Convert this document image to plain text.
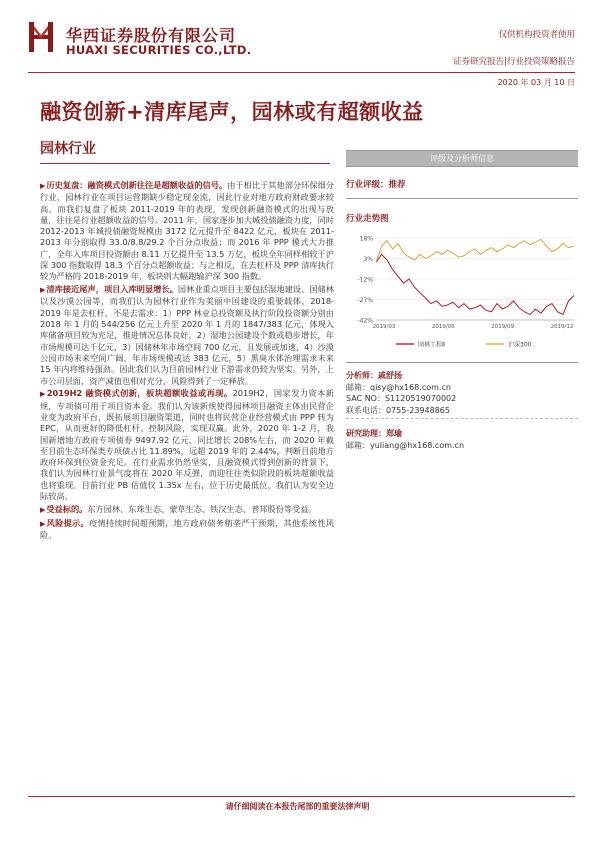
华西证券股份有限公司
HUAXI SECURITIES CO.,LTD.
仅供机构投资者使用
证券研究报告|行业投资策略报告
2020 年 03 月 10 日
融资创新+清库尾声，园林或有超额收益
园林行业

▶历史复盘：融资模式创新往往是超额收益的信号。由于相比于其他部分环保细分行业，园林行业在项目运营期缺少稳定现金流，因此行业对地方政府财政要求较高，而我们复盘了板块 2011-2019 年的表现，发现创新融资模式的出现与放量，往往是行业超额收益的信号。2011 年，国家逐步加大城投债融资力度，同时 2012-2013 年城投债融资规模由 3172 亿元提升至 8422 亿元，板块在 2011-2013 年分别取得 33.0/8.8/29.2 个百分点收益；而 2016 年 PPP 模式大力推广，全年入库项目投资额由 8.11 万亿提升至 13.5 万亿，板块全年同样相较于沪深 300 指数取得 18.3 个百分点超额收益；与之相反，在去杠杆及 PPP 清库执行较为严格的 2018-2019 年，板块则大幅跑输沪深 300 指数。

▶清库接近尾声，项目入库明显增长。园林业重点项目主要包括湿地建设、国储林以及沙漠公园等，而我们认为园林行业作为美丽中国建设的重要载体，2018-2019 年是去杠杆，不是去需求：1）PPP 林业总投资额及执行阶段投资额分别由 2018 年 1 月的 544/256 亿元上升至 2020 年 1 月的 1847/383 亿元，体现入库储备项目较为充足，推进情况总体良好，2）湿地公园建设个数或稳步增长，年市场规模可达千亿元，3）国储林年市场空间 700 亿元，且发展或加速，4）沙漠公园市场未来空间广阔，年市场规模或达 383 亿元，5）黑臭水体治理需求未来 15 年内将维持强劲。因此我们认为目前园林行业下游需求仍较为坚实。另外，上市公司层面，资产减值也相对充分，风险得到了一定释放。

▶2019H2 融资模式创新，板块超额收益或再现。2019H2，国家发力资本新规，专项债可用于项目资本金。我们认为该新规使得园林项目融资主体由民营企业变为政府平台，既拓展项目融资渠道，同时也将民营企业经营模式由 PPP 转为 EPC，从而更好的降低杠杆、控制风险，实现双赢。此外，2020 年 1-2 月，我国新增地方政府专项债券 9497.92 亿元，同比增长 208%左右，而 2020 年截至目前生态环保类专项债占比 11.89%，远超 2019 年的 2.44%，判断目前地方政府环保到位资金充足。在行业需求仍然坚实，且融资模式得到创新的背景下，我们认为园林行业景气度将在 2020 年反弹，而迎往往类似阶段的板块超额收益也将重现。目前行业 PB 估值仅 1.35x 左右，位于历史最低位，我们认为安全边际较高。

▶受益标的。东方园林、东珠生态、蒙草生态、铁汉生态、普邦股份等受益。

▶风险提示。疫情持续时间超预期，地方政府债务稍垄严于预期，其他系统性风险。

评级及分析师信息
行业评级：推荐
行业走势图
18%
3%
-12%
-27%
-42%
2019/03	2019/06	2019/09	2019/12
园林工程Ⅱ	沪深300
分析师：戚舒扬
邮箱：qisy@hx168.com.cn
SAC NO：S1120519070002
联系电话：0755-23948865
研究助理：郑瑜
邮箱：yuliang@hx168.com.cn
请仔细阅读在本报告尾部的重要法律声明
